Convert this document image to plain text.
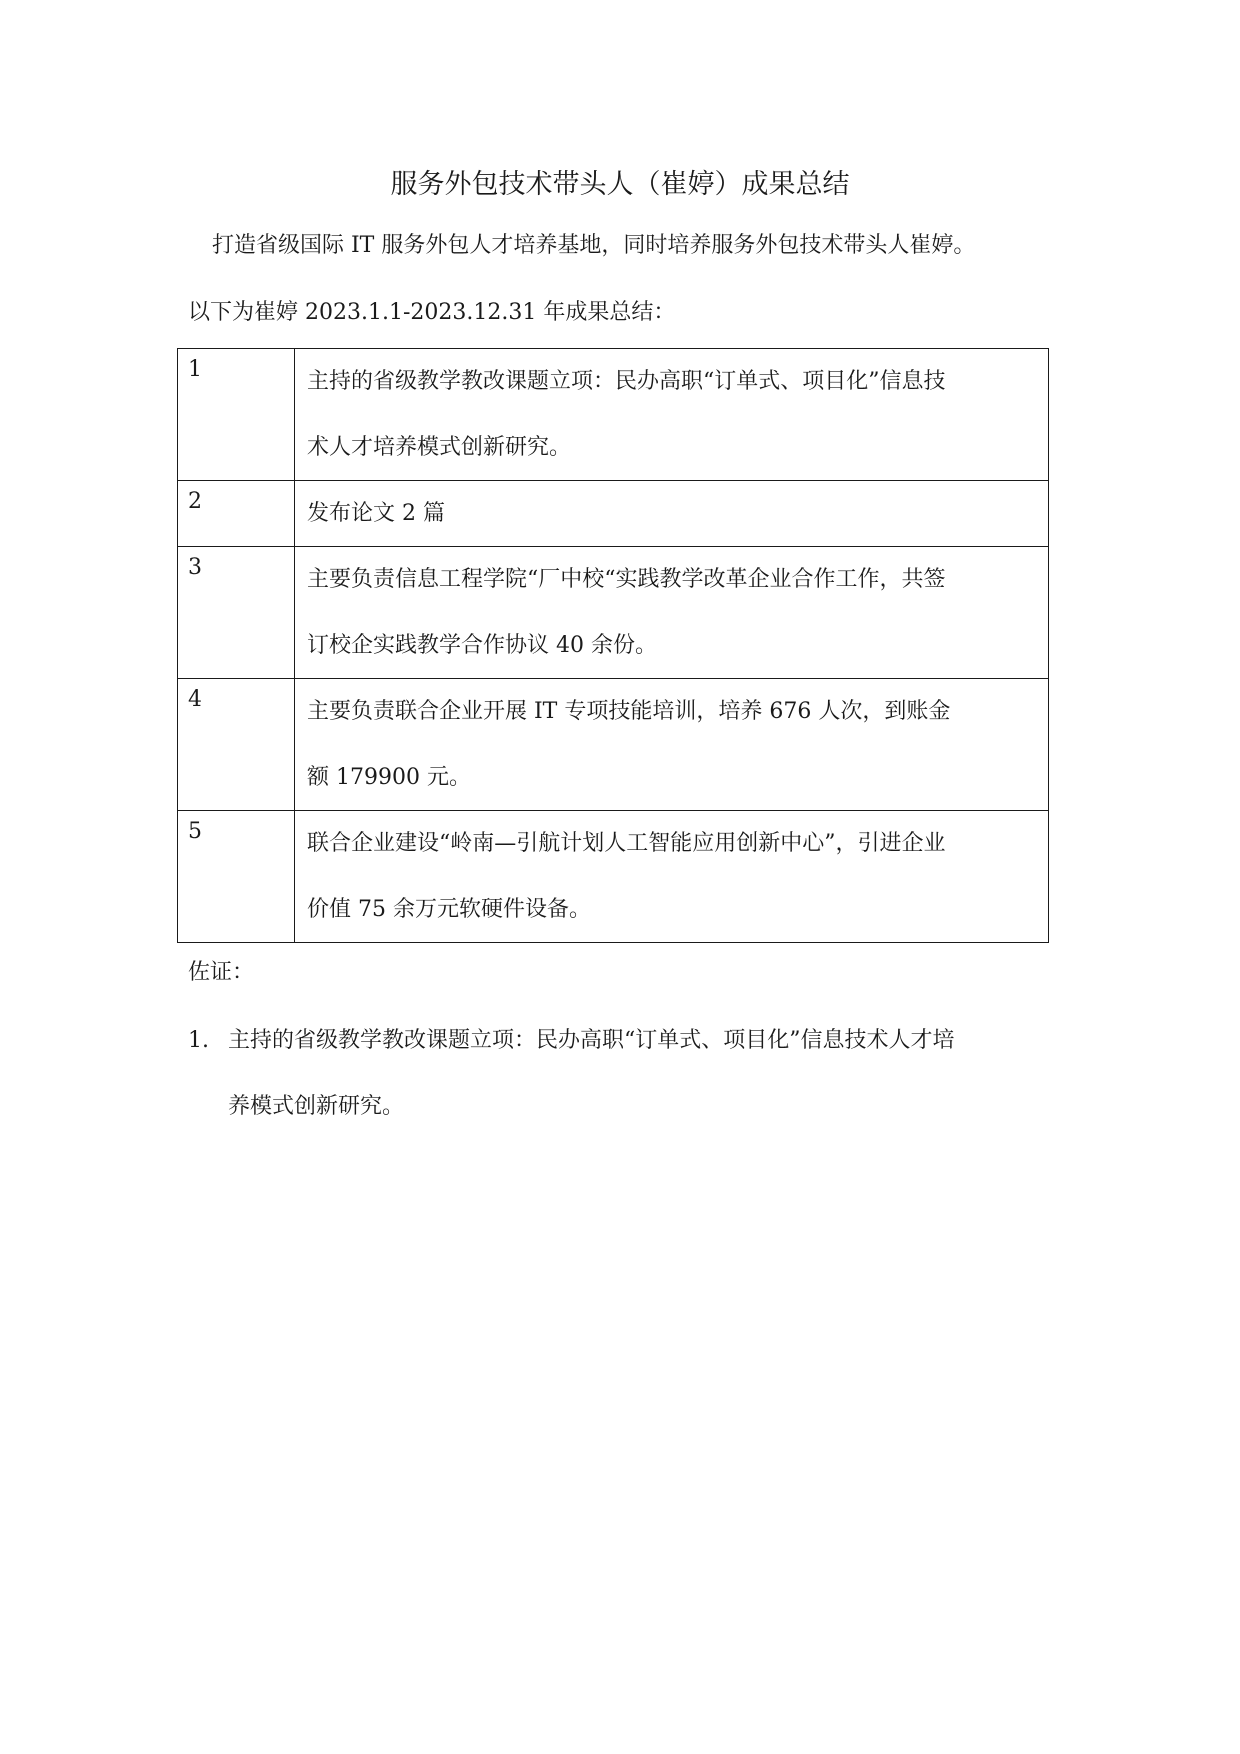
服务外包技术带头人（崔婷）成果总结
打造省级国际 IT 服务外包人才培养基地，同时培养服务外包技术带头人崔婷。
以下为崔婷 2023.1.1-2023.12.31 年成果总结：
1	主持的省级教学教改课题立项：民办高职“订单式、项目化”信息技
术人才培养模式创新研究。

2	发布论文 2 篇

3	主要负责信息工程学院“厂中校“实践教学改革企业合作工作，共签
订校企实践教学合作协议 40 余份。

4	主要负责联合企业开展 IT 专项技能培训，培养 676 人次，到账金
额 179900 元。

5	联合企业建设“岭南—引航计划人工智能应用创新中心”，引进企业
价值 75 余万元软硬件设备。
佐证：
1. 主持的省级教学教改课题立项：民办高职“订单式、项目化”信息技术人才培
养模式创新研究。
